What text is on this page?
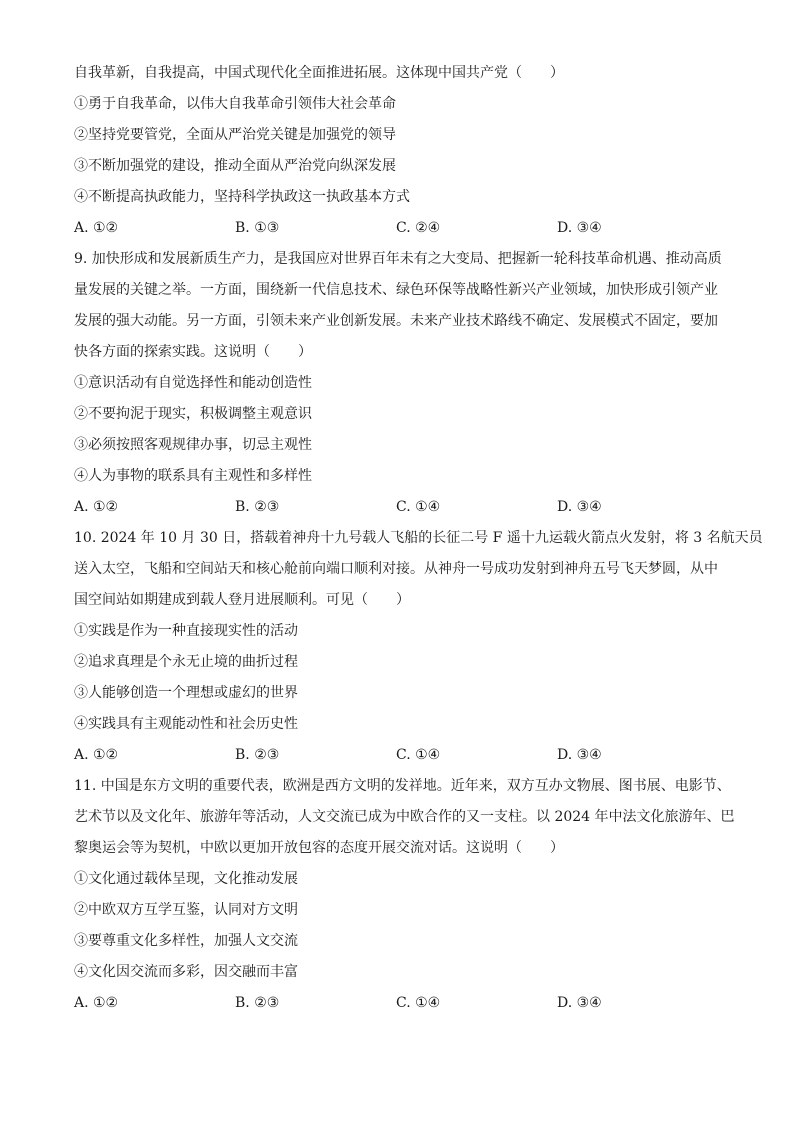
自我革新，自我提高，中国式现代化全面推进拓展。这体现中国共产党（　　）
①勇于自我革命，以伟大自我革命引领伟大社会革命
②坚持党要管党，全面从严治党关键是加强党的领导
③不断加强党的建设，推动全面从严治党向纵深发展
④不断提高执政能力，坚持科学执政这一执政基本方式
A. ①②	B. ①③	C. ②④	D. ③④
9. 加快形成和发展新质生产力，是我国应对世界百年未有之大变局、把握新一轮科技革命机遇、推动高质
量发展的关键之举。一方面，围绕新一代信息技术、绿色环保等战略性新兴产业领域，加快形成引领产业
发展的强大动能。另一方面，引领未来产业创新发展。未来产业技术路线不确定、发展模式不固定，要加
快各方面的探索实践。这说明（　　）
①意识活动有自觉选择性和能动创造性
②不要拘泥于现实，积极调整主观意识
③必须按照客观规律办事，切忌主观性
④人为事物的联系具有主观性和多样性
A. ①②	B. ②③	C. ①④	D. ③④
10. 2024 年 10 月 30 日，搭载着神舟十九号载人飞船的长征二号 F 遥十九运载火箭点火发射，将 3 名航天员
送入太空，飞船和空间站天和核心舱前向端口顺利对接。从神舟一号成功发射到神舟五号飞天梦圆，从中
国空间站如期建成到载人登月进展顺利。可见（　　）
①实践是作为一种直接现实性的活动
②追求真理是个永无止境的曲折过程
③人能够创造一个理想或虚幻的世界
④实践具有主观能动性和社会历史性
A. ①②	B. ②③	C. ①④	D. ③④
11. 中国是东方文明的重要代表，欧洲是西方文明的发祥地。近年来，双方互办文物展、图书展、电影节、
艺术节以及文化年、旅游年等活动，人文交流已成为中欧合作的又一支柱。以 2024 年中法文化旅游年、巴
黎奥运会等为契机，中欧以更加开放包容的态度开展交流对话。这说明（　　）
①文化通过载体呈现，文化推动发展
②中欧双方互学互鉴，认同对方文明
③要尊重文化多样性，加强人文交流
④文化因交流而多彩，因交融而丰富
A. ①②	B. ②③	C. ①④	D. ③④
